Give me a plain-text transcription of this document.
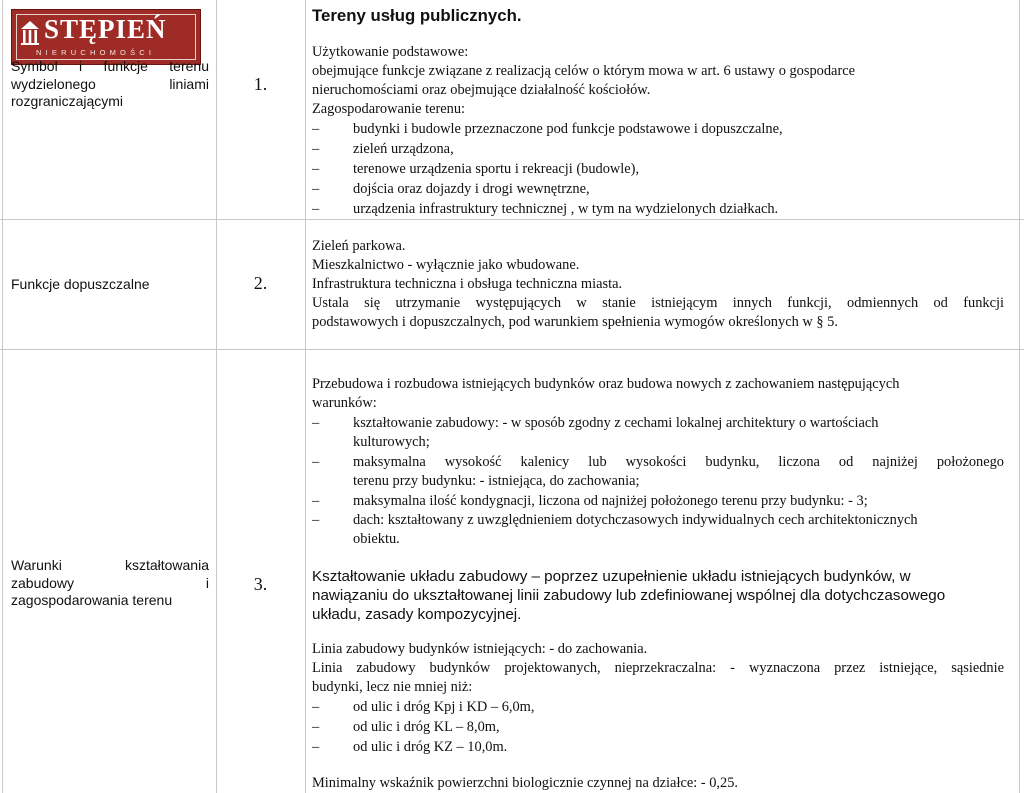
STĘPIEŃ
NIERUCHOMOŚCI
Symbol i funkcje terenu
wydzielonego liniami
rozgraniczającymi
1.
Tereny usług publicznych.
Użytkowanie podstawowe:
obejmujące funkcje związane z realizacją celów o którym mowa w art. 6 ustawy o gospodarce
nieruchomościami oraz obejmujące działalność kościołów.
Zagospodarowanie terenu:
– budynki i budowle przeznaczone pod funkcje podstawowe i dopuszczalne,
– zieleń urządzona,
– terenowe urządzenia sportu i rekreacji (budowle),
– dojścia oraz dojazdy i drogi wewnętrzne,
– urządzenia infrastruktury technicznej , w tym na wydzielonych działkach.
Funkcje dopuszczalne	2.
Zieleń parkowa.
Mieszkalnictwo - wyłącznie jako wbudowane.
Infrastruktura techniczna i obsługa techniczna miasta.
Ustala się utrzymanie występujących w stanie istniejącym innych funkcji, odmiennych od funkcji
podstawowych i dopuszczalnych, pod warunkiem spełnienia wymogów określonych w § 5.
Warunki kształtowania
zabudowy i
zagospodarowania terenu
3.
Przebudowa i rozbudowa istniejących budynków oraz budowa nowych z zachowaniem następujących
warunków:
– kształtowanie zabudowy: - w sposób zgodny z cechami lokalnej architektury o wartościach
kulturowych;
– maksymalna wysokość kalenicy lub wysokości budynku, liczona od najniżej położonego
terenu przy budynku: - istniejąca, do zachowania;
– maksymalna ilość kondygnacji, liczona od najniżej położonego terenu przy budynku: - 3;
– dach: kształtowany z uwzględnieniem dotychczasowych indywidualnych cech architektonicznych
obiektu.
Kształtowanie układu zabudowy – poprzez uzupełnienie układu istniejących budynków, w
nawiązaniu do ukształtowanej linii zabudowy lub zdefiniowanej wspólnej dla dotychczasowego
układu, zasady kompozycyjnej.
Linia zabudowy budynków istniejących: - do zachowania.
Linia zabudowy budynków projektowanych, nieprzekraczalna: - wyznaczona przez istniejące, sąsiednie
budynki, lecz nie mniej niż:
– od ulic i dróg Kpj i KD – 6,0m,
– od ulic i dróg KL – 8,0m,
– od ulic i dróg KZ – 10,0m.
Minimalny wskaźnik powierzchni biologicznie czynnej na działce: - 0,25.
